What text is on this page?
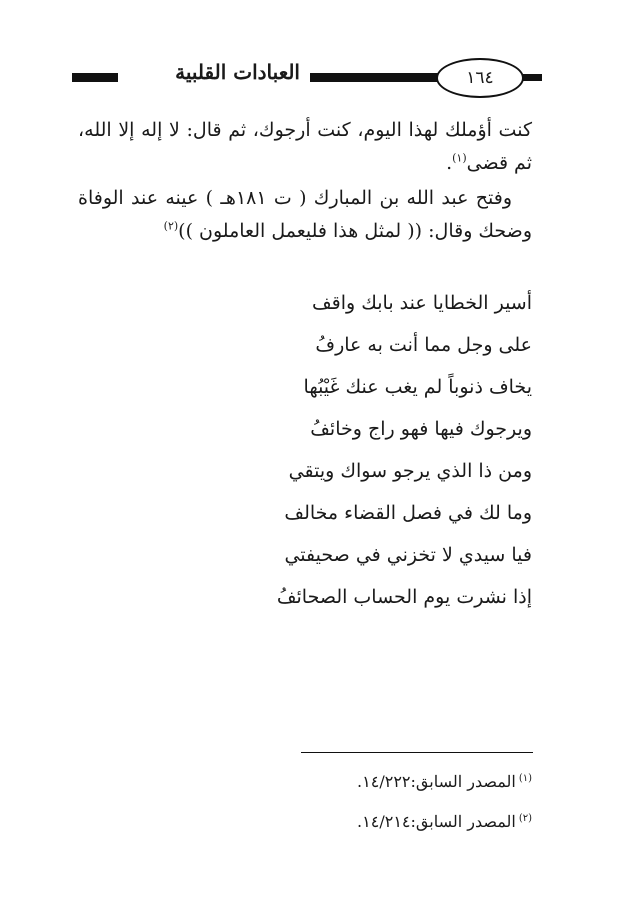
١٦٤
العبادات القلبية

كنت أؤملك لهذا اليوم، كنت أرجوك، ثم قال: لا إله إلا الله، ثم قضى$^{(١)}$.

وفتح عبد الله بن المبارك ( ت ١٨١هـ ) عينه عند الوفاة وضحك وقال: (( لمثل هذا فليعمل العاملون ))$^{(٢)}$

أسير الخطايا عند بابك واقف
على وجل مما أنت به عارفُ
يخاف ذنوباً لم يغب عنك غَيْبُها
ويرجوك فيها فهو راج وخائفُ
ومن ذا الذي يرجو سواك ويتقي
وما لك في فصل القضاء مخالف
فيا سيدي لا تخزني في صحيفتي
إذا نشرت يوم الحساب الصحائفُ
$^{(١)}$المصدر السابق:١٤/٢٢٢.
$^{(٢)}$المصدر السابق:١٤/٢١٤.
